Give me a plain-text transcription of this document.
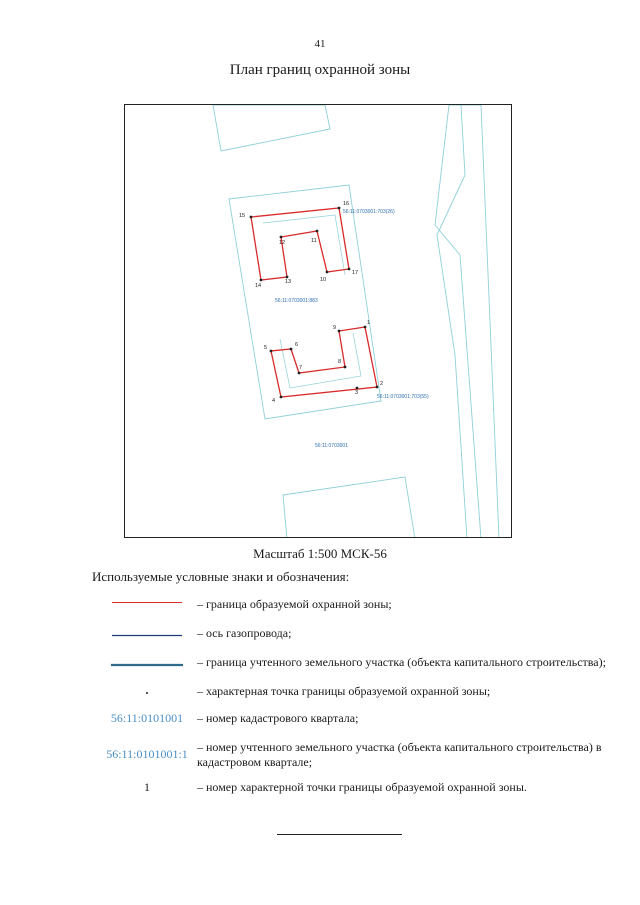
41
План границ охранной зоны
1
2
3
4
5	6
7
8
9
10
11
12
13
14
15
16
17
56:11:0703001:703(26)
56:11:0703001:703(55)
56:11:0703001:883
56:11:0703001
Масштаб 1:500 МСК-56
Используемые условные знаки и обозначения:
– граница образуемой охранной зоны;
– ось газопровода;
– граница учтенного земельного участка (объекта капитального строительства);
– характерная точка границы образуемой охранной зоны;
56:11:0101001	– номер кадастрового квартала;
56:11:0101001:1 – номер учтенного земельного участка (объекта капитального строительства) в кадастровом квартале;
1	– номер характерной точки границы образуемой охранной зоны.
